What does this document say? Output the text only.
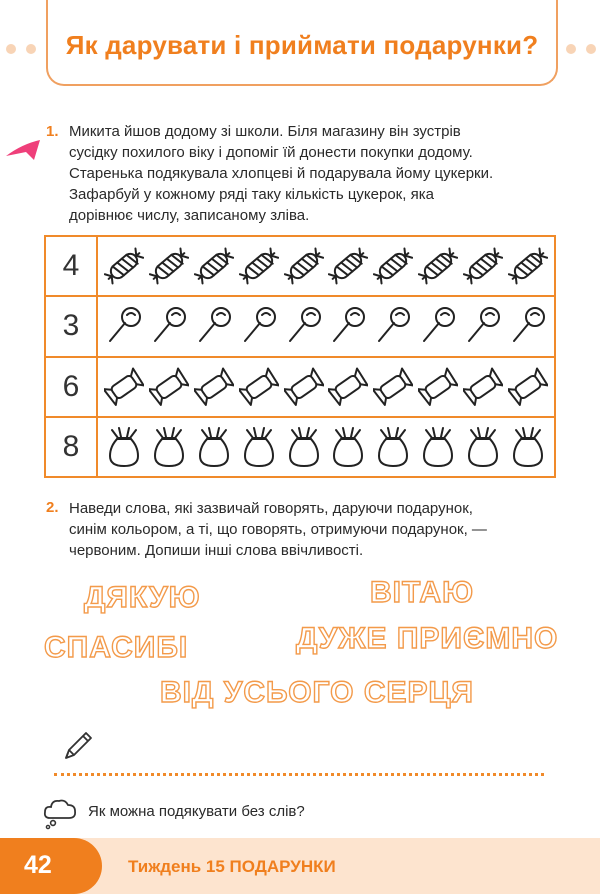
Як дарувати і приймати подарунки?
1. Микита йшов додому зі школи. Біля магазину він зустрів
сусідку похилого віку і допоміг їй донести покупки додому.
Старенька подякувала хлопцеві й подарувала йому цукерки.
Зафарбуй у кожному ряді таку кількість цукерок, яка
дорівнює числу, записаному зліва.
4
3
6
8
2. Наведи слова, які зазвичай говорять, даруючи подарунок,
синім кольором, а ті, що говорять, отримуючи подарунок, —
червоним. Допиши інші слова ввічливості.
ДЯКУЮ	ВІТАЮ
СПАСИБІ	ДУЖЕ ПРИЄМНО
ВІД УСЬОГО СЕРЦЯ
Як можна подякувати без слів?
42	Тиждень 15 ПОДАРУНКИ
